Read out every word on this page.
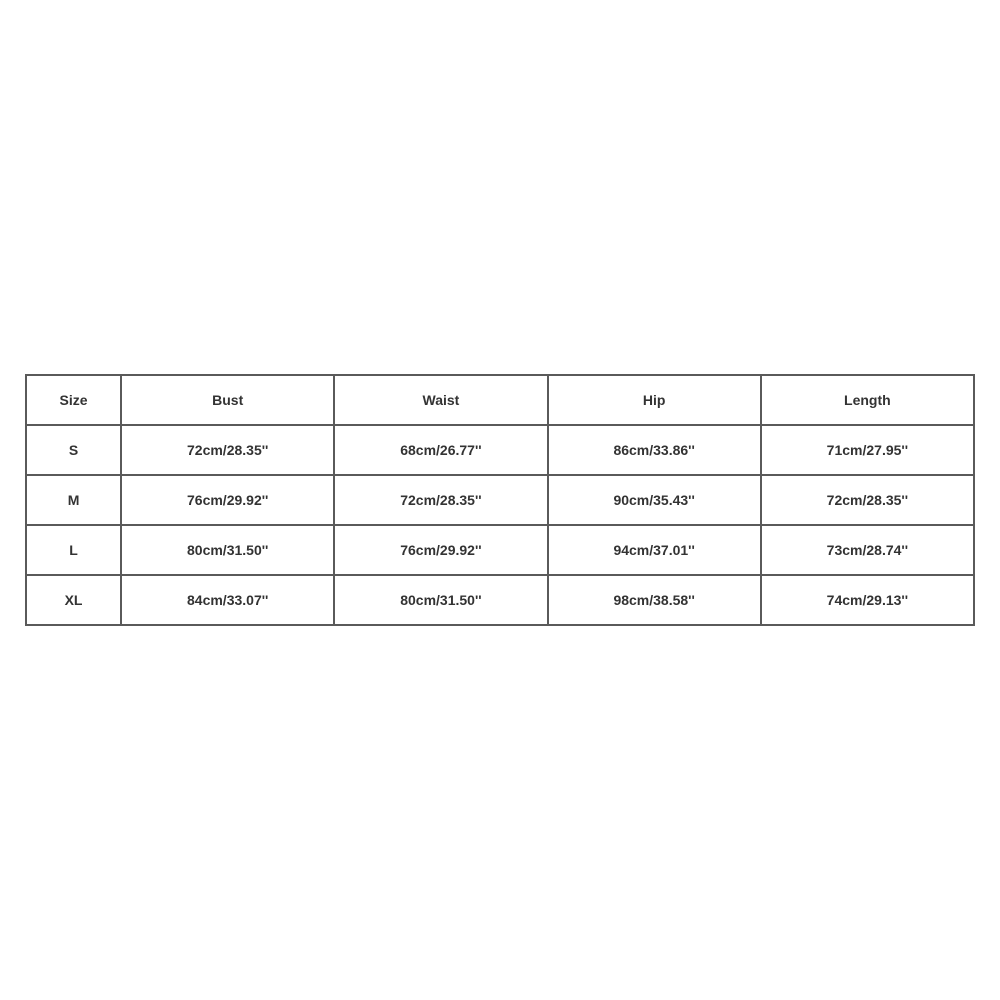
Size	Bust	Waist	Hip	Length
S	72cm/28.35''	68cm/26.77''	86cm/33.86''	71cm/27.95''
M	76cm/29.92''	72cm/28.35''	90cm/35.43''	72cm/28.35''
L	80cm/31.50''	76cm/29.92''	94cm/37.01''	73cm/28.74''
XL	84cm/33.07''	80cm/31.50''	98cm/38.58''	74cm/29.13''
